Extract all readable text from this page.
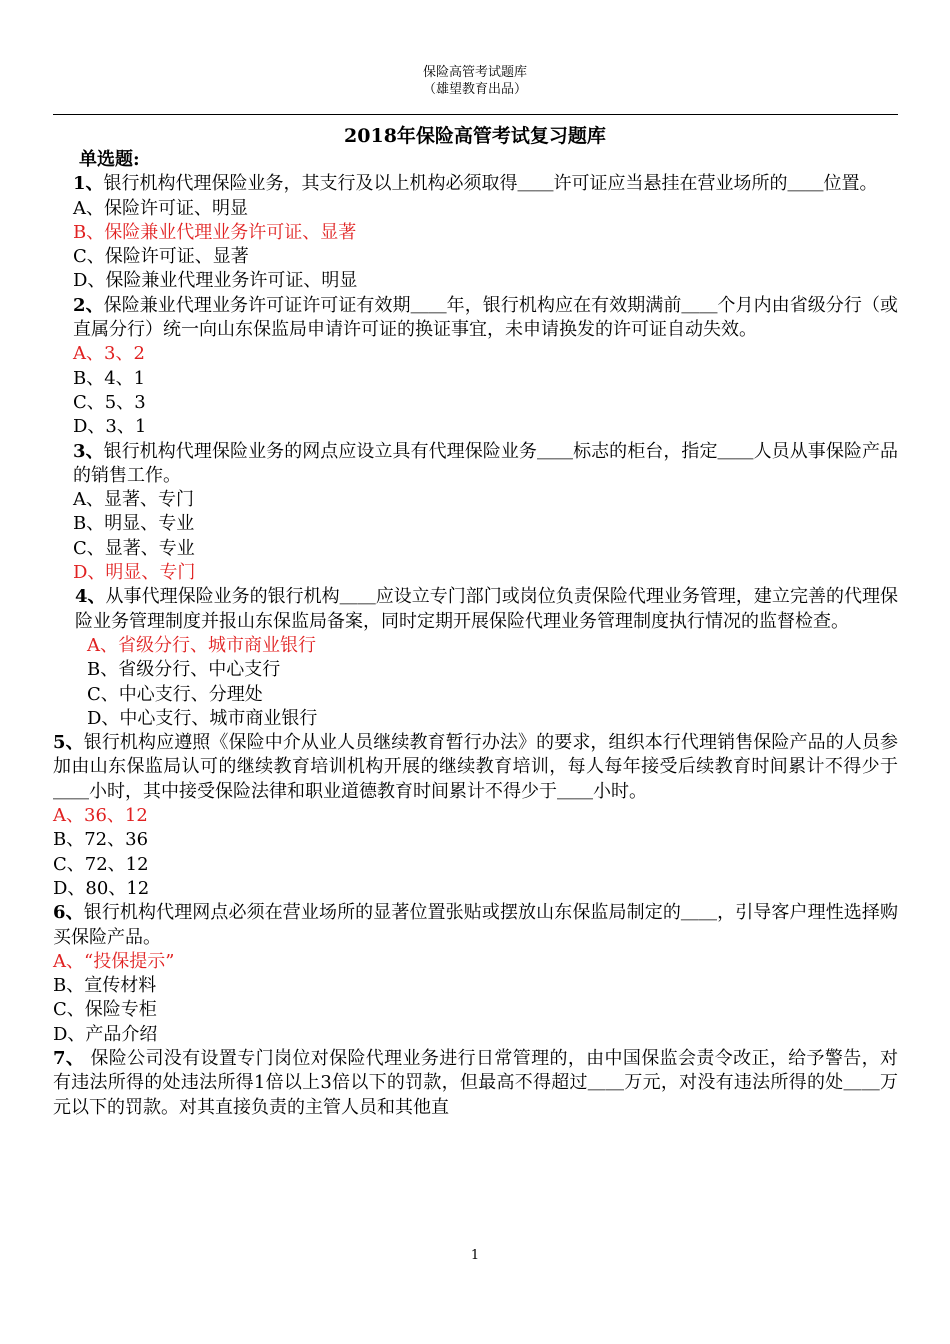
保险高管考试题库
（雄望教育出品）
2018年保险高管考试复习题库

单选题:

1、银行机构代理保险业务，其支行及以上机构必须取得＿＿许可证应当悬挂在营业场所的＿＿位置。

A、保险许可证、明显

B、保险兼业代理业务许可证、显著

C、保险许可证、显著

D、保险兼业代理业务许可证、明显

2、保险兼业代理业务许可证许可证有效期＿＿年，银行机构应在有效期满前＿＿个月内由省级分行（或直属分行）统一向山东保监局申请许可证的换证事宜，未申请换发的许可证自动失效。

A、3、2

B、4、1

C、5、3

D、3、1

3、银行机构代理保险业务的网点应设立具有代理保险业务＿＿标志的柜台，指定＿＿人员从事保险产品的销售工作。

A、显著、专门

B、明显、专业

C、显著、专业

D、明显、专门

4、从事代理保险业务的银行机构＿＿应设立专门部门或岗位负责保险代理业务管理，建立完善的代理保险业务管理制度并报山东保监局备案，同时定期开展保险代理业务管理制度执行情况的监督检查。

A、省级分行、城市商业银行

B、省级分行、中心支行

C、中心支行、分理处

D、中心支行、城市商业银行

5、银行机构应遵照《保险中介从业人员继续教育暂行办法》的要求，组织本行代理销售保险产品的人员参加由山东保监局认可的继续教育培训机构开展的继续教育培训，每人每年接受后续教育时间累计不得少于＿＿小时，其中接受保险法律和职业道德教育时间累计不得少于＿＿小时。

A、36、12

B、72、36

C、72、12

D、80、12

6、银行机构代理网点必须在营业场所的显著位置张贴或摆放山东保监局制定的＿＿，引导客户理性选择购买保险产品。

A、“投保提示”

B、宣传材料

C、保险专柜

D、产品介绍

7、 保险公司没有设置专门岗位对保险代理业务进行日常管理的，由中国保监会责令改正，给予警告，对有违法所得的处违法所得1倍以上3倍以下的罚款，但最高不得超过＿＿万元，对没有违法所得的处＿＿万元以下的罚款。对其直接负责的主管人员和其他直

1
